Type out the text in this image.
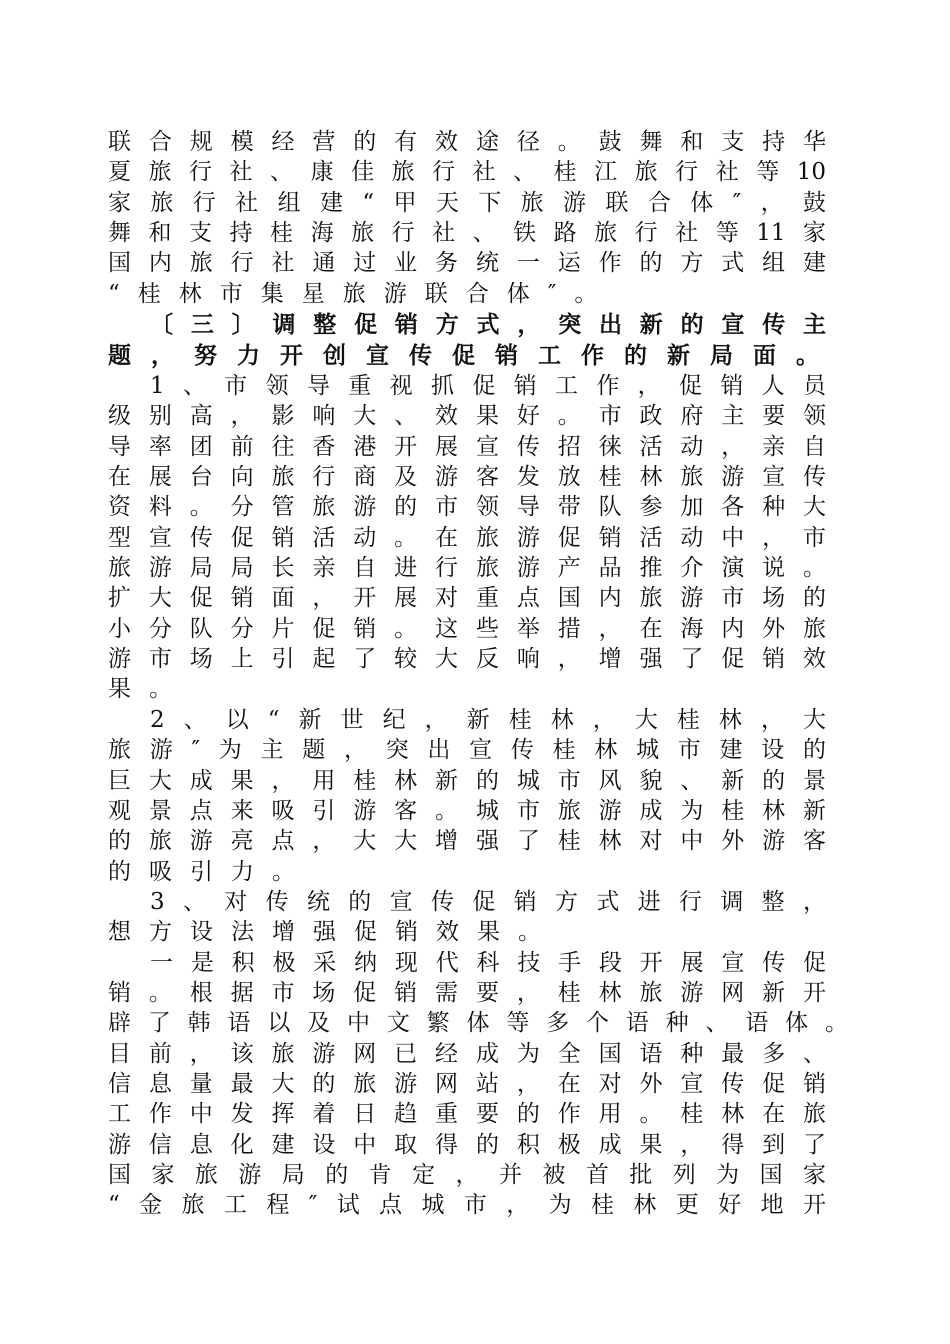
联合规模经营的有效途径。鼓舞和支持华
夏旅行社、康佳旅行社、桂江旅行社等10
家旅行社组建“甲天下旅游联合体″，鼓
舞和支持桂海旅行社、铁路旅行社等11家
国内旅行社通过业务统一运作的方式组建
“桂林市集星旅游联合体″。
〔三〕调整促销方式，突出新的宣传主
题，努力开创宣传促销工作的新局面。
1、市领导重视抓促销工作，促销人员
级别高，影响大、效果好。市政府主要领
导率团前往香港开展宣传招徕活动，亲自
在展台向旅行商及游客发放桂林旅游宣传
资料。分管旅游的市领导带队参加各种大
型宣传促销活动。在旅游促销活动中，市
旅游局局长亲自进行旅游产品推介演说。
扩大促销面，开展对重点国内旅游市场的
小分队分片促销。这些举措，在海内外旅
游市场上引起了较大反响，增强了促销效
果。
2、以“新世纪，新桂林，大桂林，大
旅游″为主题，突出宣传桂林城市建设的
巨大成果，用桂林新的城市风貌、新的景
观景点来吸引游客。城市旅游成为桂林新
的旅游亮点，大大增强了桂林对中外游客
的吸引力。
3、对传统的宣传促销方式进行调整，
想方设法增强促销效果。
一是积极采纳现代科技手段开展宣传促
销。根据市场促销需要，桂林旅游网新开
辟了韩语以及中文繁体等多个语种、语体。
目前，该旅游网已经成为全国语种最多、
信息量最大的旅游网站，在对外宣传促销
工作中发挥着日趋重要的作用。桂林在旅
游信息化建设中取得的积极成果，得到了
国家旅游局的肯定，并被首批列为国家
“金旅工程″试点城市，为桂林更好地开
